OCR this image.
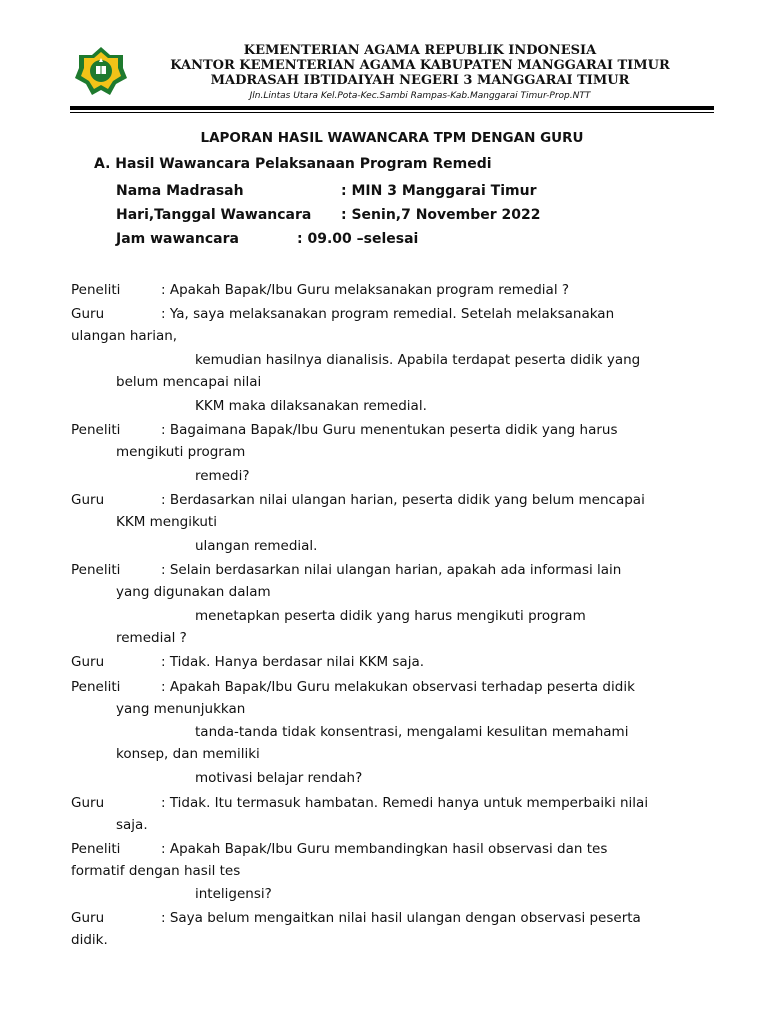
KEMENTERIAN AGAMA REPUBLIK INDONESIA
KANTOR KEMENTERIAN AGAMA KABUPATEN MANGGARAI TIMUR
MADRASAH IBTIDAIYAH NEGERI 3 MANGGARAI TIMUR
Jln.Lintas Utara Kel.Pota-Kec.Sambi Rampas-Kab.Manggarai Timur-Prop.NTT
LAPORAN HASIL WAWANCARA TPM DENGAN GURU
A. Hasil Wawancara Pelaksanaan Program Remedi
Nama Madrasah	: MIN 3 Manggarai Timur
Hari,Tanggal Wawancara : Senin,7 November 2022
Jam wawancara	: 09.00 –selesai
Peneliti	: Apakah Bapak/Ibu Guru melaksanakan program remedial ?
Guru	: Ya, saya melaksanakan program remedial. Setelah melaksanakan
ulangan harian,
kemudian hasilnya dianalisis. Apabila terdapat peserta didik yang
belum mencapai nilai
KKM maka dilaksanakan remedial.
Peneliti	: Bagaimana Bapak/Ibu Guru menentukan peserta didik yang harus
mengikuti program
remedi?
Guru	: Berdasarkan nilai ulangan harian, peserta didik yang belum mencapai
KKM mengikuti
ulangan remedial.
Peneliti	: Selain berdasarkan nilai ulangan harian, apakah ada informasi lain
yang digunakan dalam
menetapkan peserta didik yang harus mengikuti program
remedial ?
Guru	: Tidak. Hanya berdasar nilai KKM saja.
Peneliti	: Apakah Bapak/Ibu Guru melakukan observasi terhadap peserta didik
yang menunjukkan
tanda-tanda tidak konsentrasi, mengalami kesulitan memahami
konsep, dan memiliki
motivasi belajar rendah?
Guru	: Tidak. Itu termasuk hambatan. Remedi hanya untuk memperbaiki nilai
saja.
Peneliti	: Apakah Bapak/Ibu Guru membandingkan hasil observasi dan tes
formatif dengan hasil tes
inteligensi?
Guru	: Saya belum mengaitkan nilai hasil ulangan dengan observasi peserta
didik.
